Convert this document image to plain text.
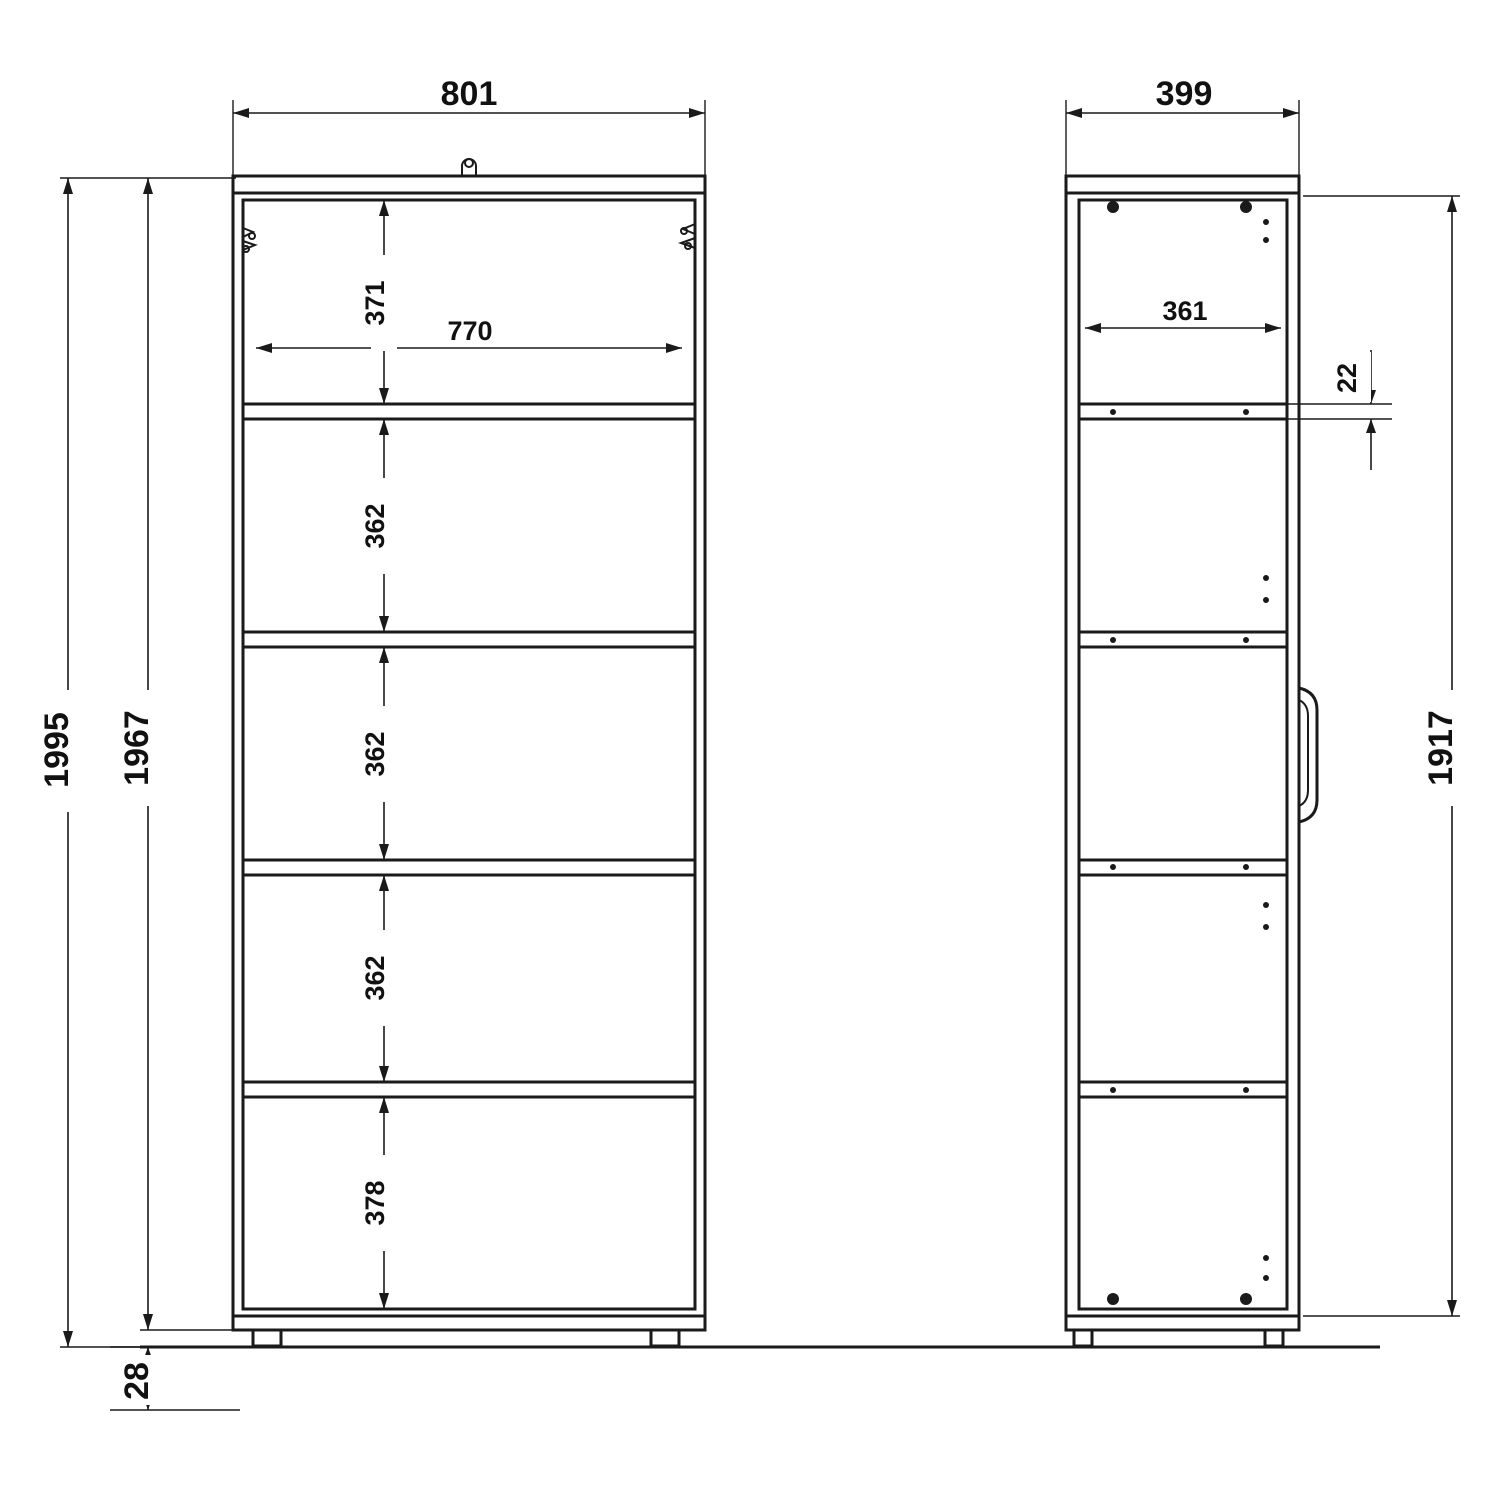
801
770
371
362
362
362
378
1967
1995
28
399
361
22
1917
